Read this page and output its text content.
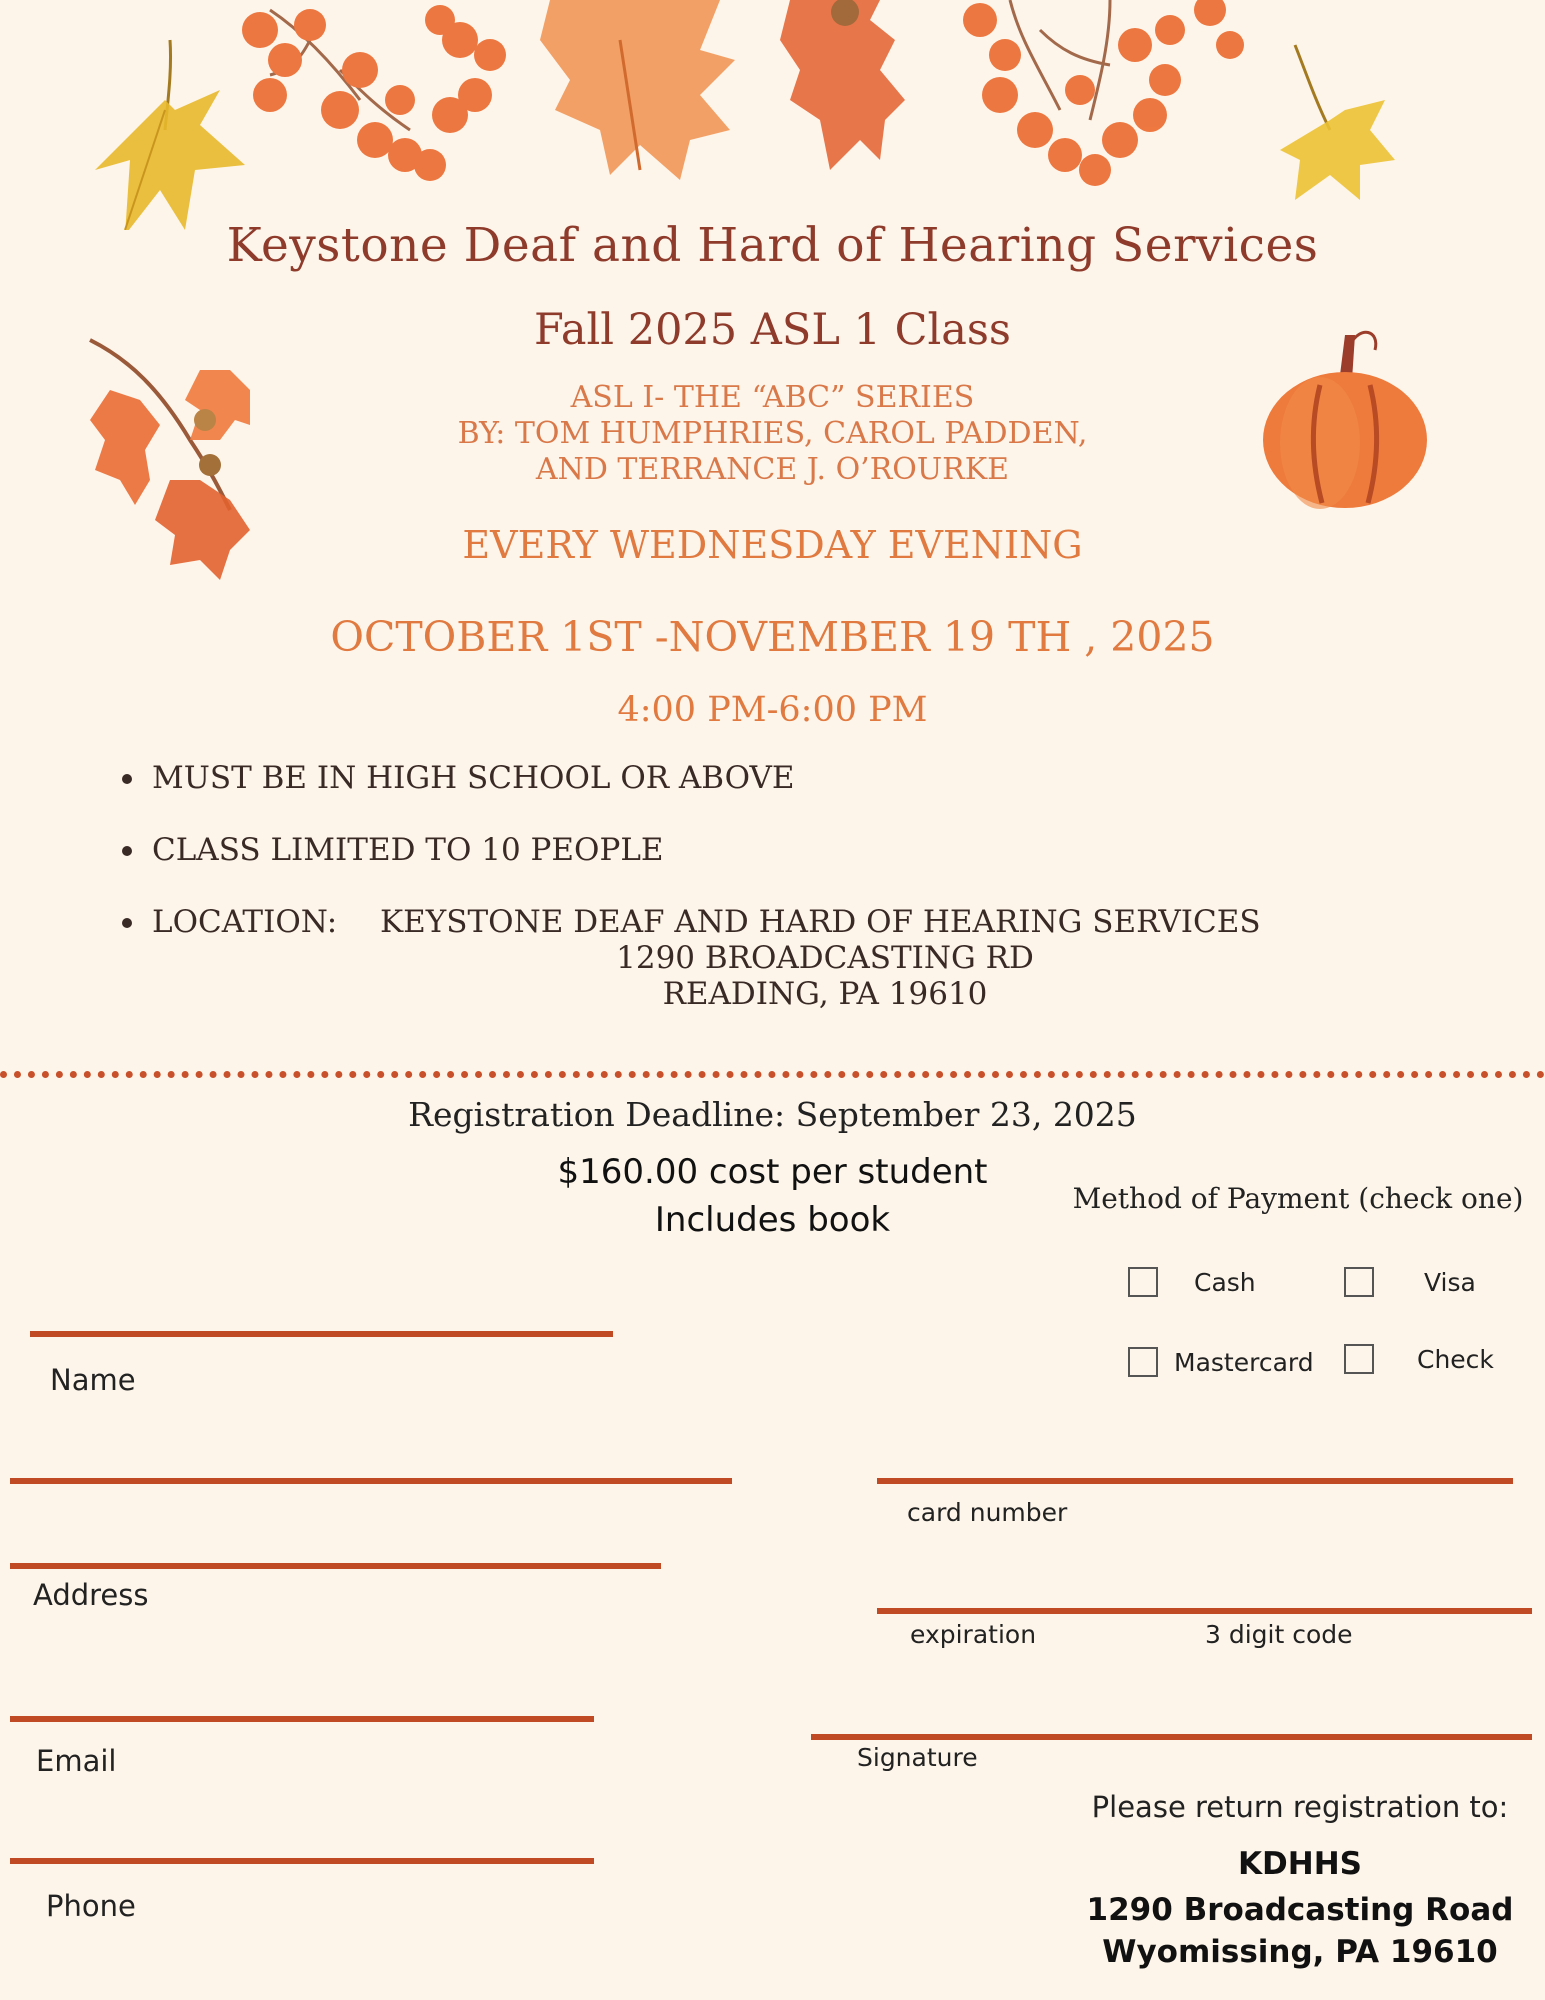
Keystone Deaf and Hard of Hearing Services
Fall 2025 ASL 1 Class
ASL I- THE “ABC” SERIES
BY: TOM HUMPHRIES, CAROL PADDEN,
AND TERRANCE J. O’ROURKE
EVERY WEDNESDAY EVENING
OCTOBER 1ST -NOVEMBER 19 TH , 2025
4:00 PM-6:00 PM
MUST BE IN HIGH SCHOOL OR ABOVE
CLASS LIMITED TO 10 PEOPLE
LOCATION: KEYSTONE DEAF AND HARD OF HEARING SERVICES
1290 BROADCASTING RD
READING, PA 19610
Registration Deadline: September 23, 2025
$160.00 cost per student
Includes book
Method of Payment (check one)
Cash	Visa
Mastercard	Check
Name
Address
Email
Phone
card number
expiration	3 digit code
Signature
Please return registration to:
KDHHS
1290 Broadcasting Road
Wyomissing, PA 19610
